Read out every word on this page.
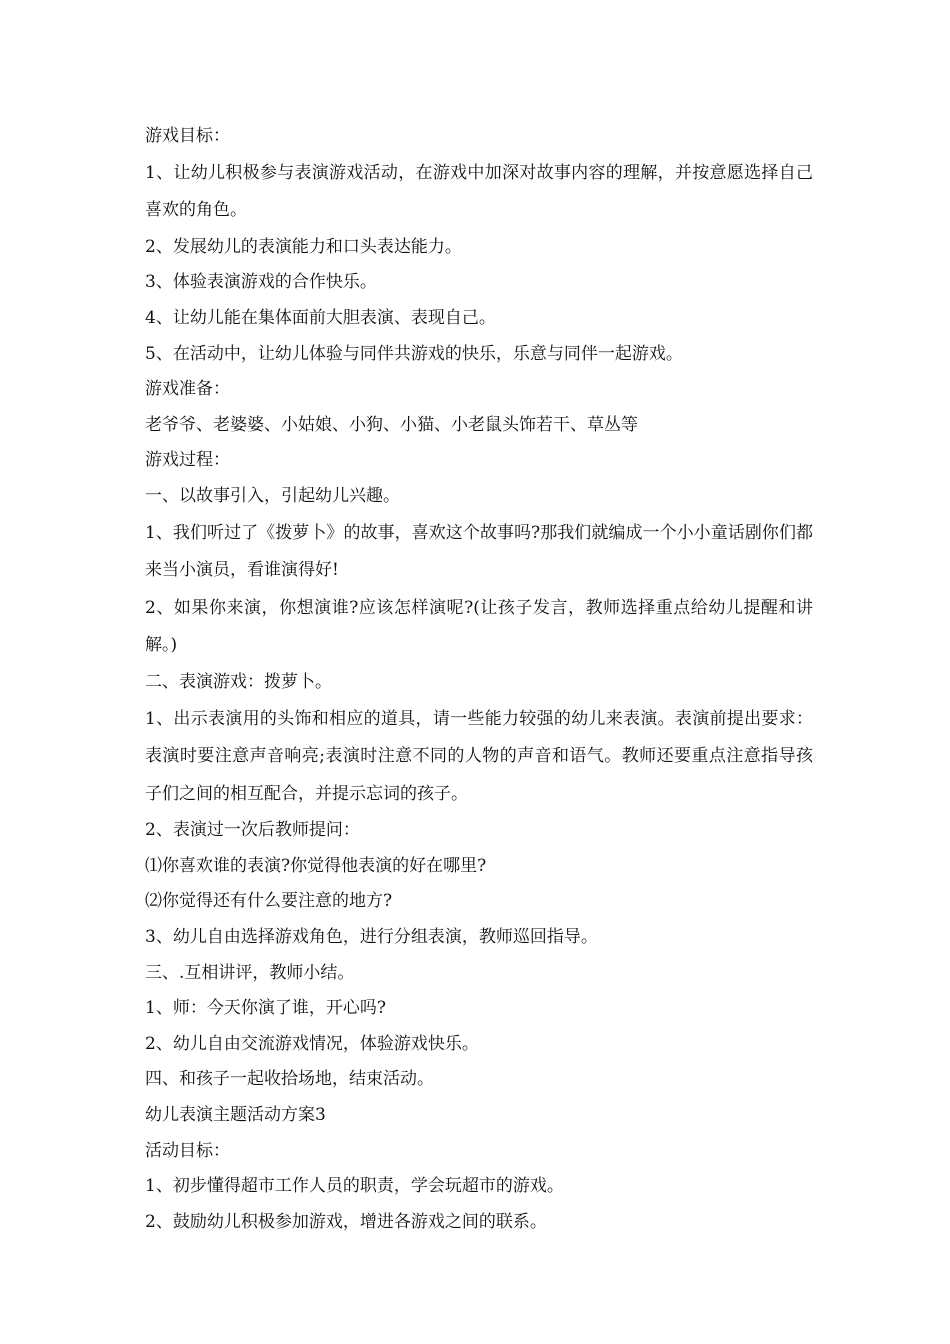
游戏目标：
1、让幼儿积极参与表演游戏活动，在游戏中加深对故事内容的理解，并按意愿选择自己喜欢的角色。
2、发展幼儿的表演能力和口头表达能力。
3、体验表演游戏的合作快乐。
4、让幼儿能在集体面前大胆表演、表现自己。
5、在活动中，让幼儿体验与同伴共游戏的快乐，乐意与同伴一起游戏。
游戏准备：
老爷爷、老婆婆、小姑娘、小狗、小猫、小老鼠头饰若干、草丛等
游戏过程：
一、以故事引入，引起幼儿兴趣。
1、我们听过了《拨萝卜》的故事，喜欢这个故事吗?那我们就编成一个小小童话剧你们都来当小演员，看谁演得好!
2、如果你来演，你想演谁?应该怎样演呢?(让孩子发言，教师选择重点给幼儿提醒和讲解。)
二、表演游戏：拨萝卜。
1、出示表演用的头饰和相应的道具，请一些能力较强的幼儿来表演。表演前提出要求：表演时要注意声音响亮;表演时注意不同的人物的声音和语气。教师还要重点注意指导孩子们之间的相互配合，并提示忘词的孩子。
2、表演过一次后教师提问：
⑴你喜欢谁的表演?你觉得他表演的好在哪里?
⑵你觉得还有什么要注意的地方?
3、幼儿自由选择游戏角色，进行分组表演，教师巡回指导。
三、.互相讲评，教师小结。
1、师：今天你演了谁，开心吗?
2、幼儿自由交流游戏情况，体验游戏快乐。
四、和孩子一起收拾场地，结束活动。
幼儿表演主题活动方案3
活动目标：
1、初步懂得超市工作人员的职责，学会玩超市的游戏。
2、鼓励幼儿积极参加游戏，增进各游戏之间的联系。
